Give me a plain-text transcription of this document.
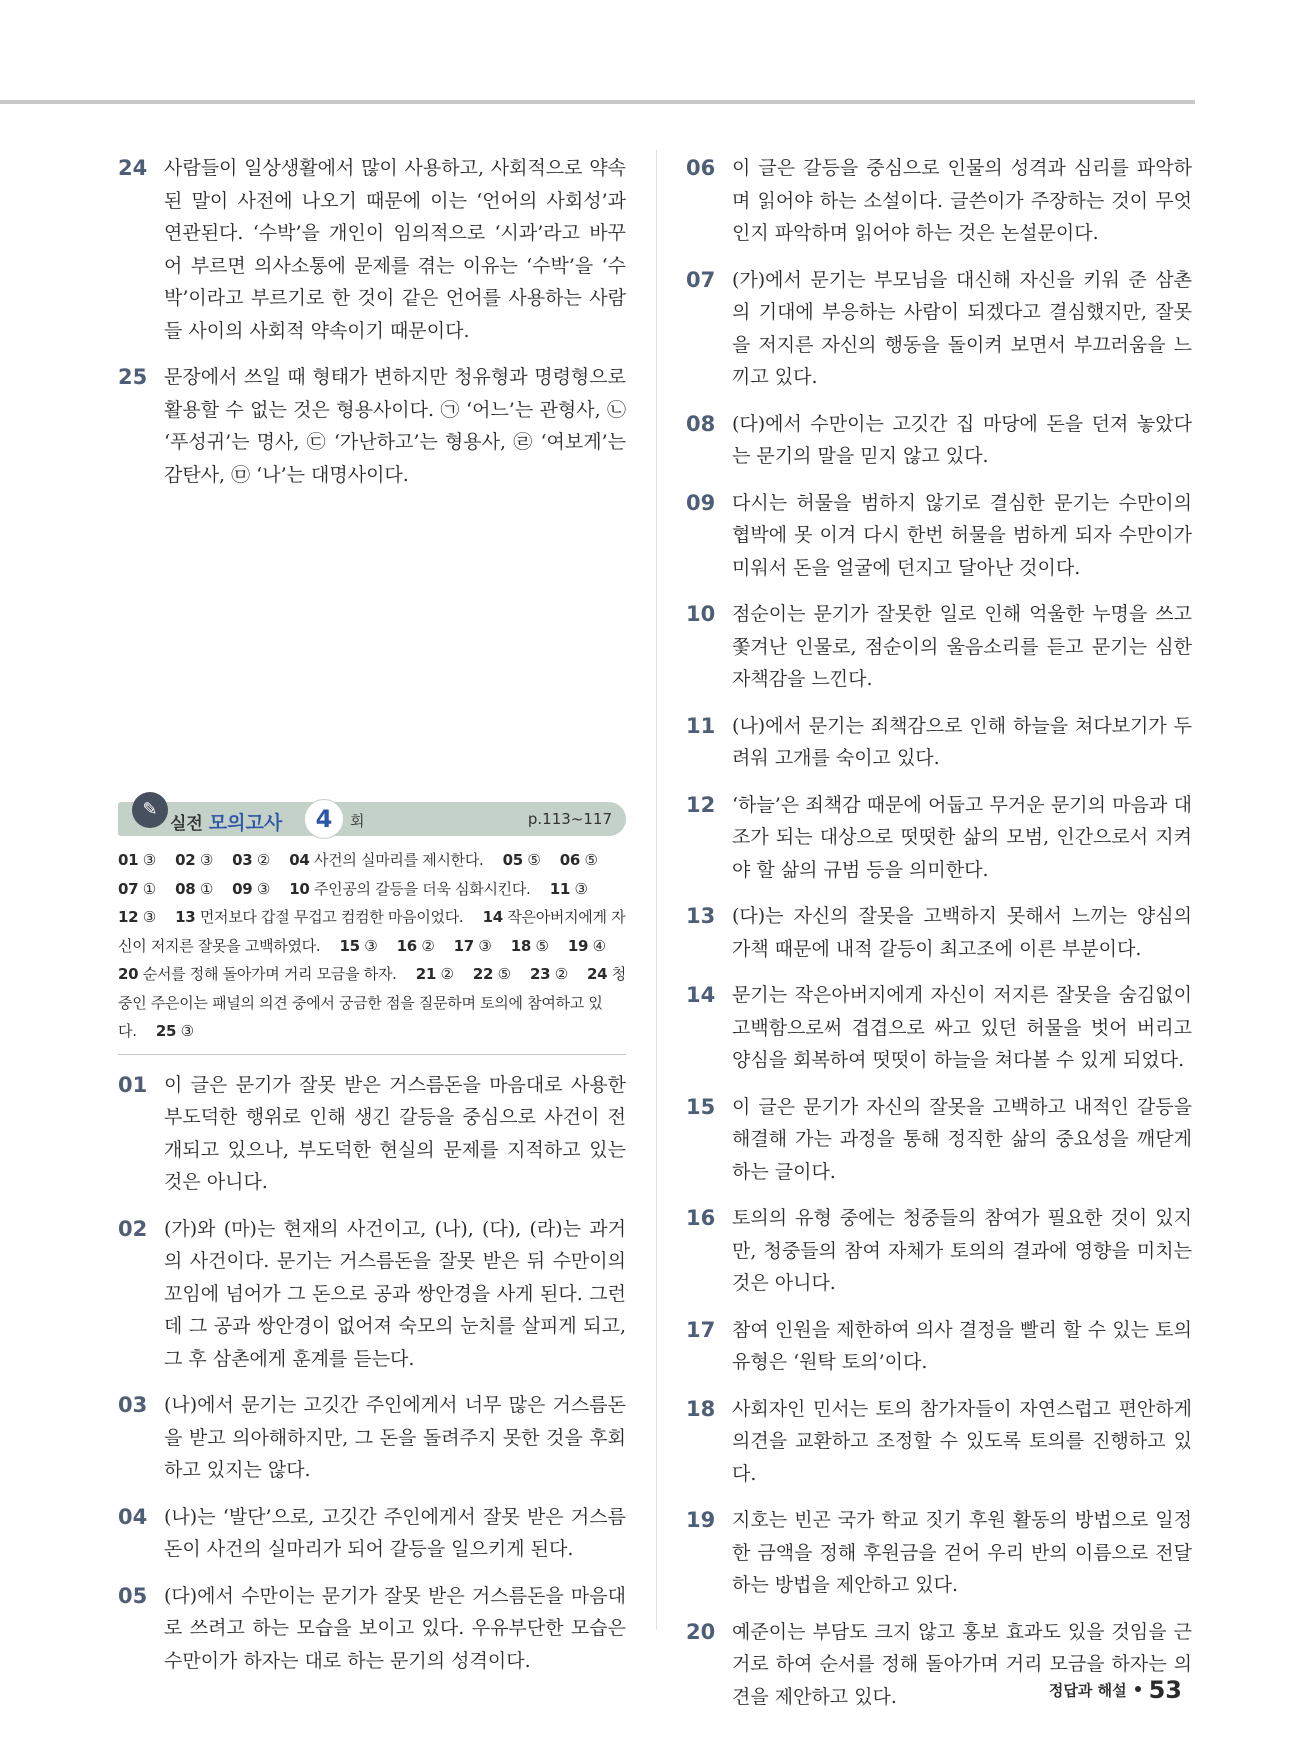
24 사람들이 일상생활에서 많이 사용하고, 사회적으로 약속된 말이 사전에 나오기 때문에 이는 ‘언어의 사회성’과 연관된다. ‘수박’을 개인이 임의적으로 ‘시과’라고 바꾸어 부르면 의사소통에 문제를 겪는 이유는 ‘수박’을 ‘수박’이라고 부르기로 한 것이 같은 언어를 사용하는 사람들 사이의 사회적 약속이기 때문이다.
25 문장에서 쓰일 때 형태가 변하지만 청유형과 명령형으로 활용할 수 없는 것은 형용사이다. ㉠ ‘어느’는 관형사, ㉡ ‘푸성귀’는 명사, ㉢ ‘가난하고’는 형용사, ㉣ ‘여보게’는 감탄사, ㉤ ‘나’는 대명사이다.
✎
실전 모의고사	4	회	p.113~117
01 ③  02 ③  03 ②  04 사건의 실마리를 제시한다.  05 ⑤  06 ⑤  07 ①  08 ①  09 ③  10 주인공의 갈등을 더욱 심화시킨다.  11 ③  12 ③  13 먼저보다 갑절 무겁고 컴컴한 마음이었다.  14 작은아버지에게 자신이 저지른 잘못을 고백하였다.  15 ③  16 ②  17 ③  18 ⑤  19 ④  20 순서를 정해 돌아가며 거리 모금을 하자.  21 ②  22 ⑤  23 ②  24 청중인 주은이는 패널의 의견 중에서 궁금한 점을 질문하며 토의에 참여하고 있다.  25 ③ 
01 이 글은 문기가 잘못 받은 거스름돈을 마음대로 사용한 부도덕한 행위로 인해 생긴 갈등을 중심으로 사건이 전개되고 있으나, 부도덕한 현실의 문제를 지적하고 있는 것은 아니다.
02 (가)와 (마)는 현재의 사건이고, (나), (다), (라)는 과거의 사건이다. 문기는 거스름돈을 잘못 받은 뒤 수만이의 꼬임에 넘어가 그 돈으로 공과 쌍안경을 사게 된다. 그런데 그 공과 쌍안경이 없어져 숙모의 눈치를 살피게 되고, 그 후 삼촌에게 훈계를 듣는다.
03 (나)에서 문기는 고깃간 주인에게서 너무 많은 거스름돈을 받고 의아해하지만, 그 돈을 돌려주지 못한 것을 후회하고 있지는 않다.
04 (나)는 ‘발단’으로, 고깃간 주인에게서 잘못 받은 거스름돈이 사건의 실마리가 되어 갈등을 일으키게 된다.
05 (다)에서 수만이는 문기가 잘못 받은 거스름돈을 마음대로 쓰려고 하는 모습을 보이고 있다. 우유부단한 모습은 수만이가 하자는 대로 하는 문기의 성격이다.
06 이 글은 갈등을 중심으로 인물의 성격과 심리를 파악하며 읽어야 하는 소설이다. 글쓴이가 주장하는 것이 무엇인지 파악하며 읽어야 하는 것은 논설문이다.
07 (가)에서 문기는 부모님을 대신해 자신을 키워 준 삼촌의 기대에 부응하는 사람이 되겠다고 결심했지만, 잘못을 저지른 자신의 행동을 돌이켜 보면서 부끄러움을 느끼고 있다.
08 (다)에서 수만이는 고깃간 집 마당에 돈을 던져 놓았다는 문기의 말을 믿지 않고 있다.
09 다시는 허물을 범하지 않기로 결심한 문기는 수만이의 협박에 못 이겨 다시 한번 허물을 범하게 되자 수만이가 미워서 돈을 얼굴에 던지고 달아난 것이다.
10 점순이는 문기가 잘못한 일로 인해 억울한 누명을 쓰고 쫓겨난 인물로, 점순이의 울음소리를 듣고 문기는 심한 자책감을 느낀다.
11 (나)에서 문기는 죄책감으로 인해 하늘을 쳐다보기가 두려워 고개를 숙이고 있다.
12 ‘하늘’은 죄책감 때문에 어둡고 무거운 문기의 마음과 대조가 되는 대상으로 떳떳한 삶의 모범, 인간으로서 지켜야 할 삶의 규범 등을 의미한다.
13 (다)는 자신의 잘못을 고백하지 못해서 느끼는 양심의 가책 때문에 내적 갈등이 최고조에 이른 부분이다.
14 문기는 작은아버지에게 자신이 저지른 잘못을 숨김없이 고백함으로써 겹겹으로 싸고 있던 허물을 벗어 버리고 양심을 회복하여 떳떳이 하늘을 쳐다볼 수 있게 되었다.
15 이 글은 문기가 자신의 잘못을 고백하고 내적인 갈등을 해결해 가는 과정을 통해 정직한 삶의 중요성을 깨닫게 하는 글이다.
16 토의의 유형 중에는 청중들의 참여가 필요한 것이 있지만, 청중들의 참여 자체가 토의의 결과에 영향을 미치는 것은 아니다.
17 참여 인원을 제한하여 의사 결정을 빨리 할 수 있는 토의 유형은 ‘원탁 토의’이다.
18 사회자인 민서는 토의 참가자들이 자연스럽고 편안하게 의견을 교환하고 조정할 수 있도록 토의를 진행하고 있다.
19 지호는 빈곤 국가 학교 짓기 후원 활동의 방법으로 일정한 금액을 정해 후원금을 걷어 우리 반의 이름으로 전달하는 방법을 제안하고 있다.
20 예준이는 부담도 크지 않고 홍보 효과도 있을 것임을 근거로 하여 순서를 정해 돌아가며 거리 모금을 하자는 의견을 제안하고 있다.	정답과 해설 53
